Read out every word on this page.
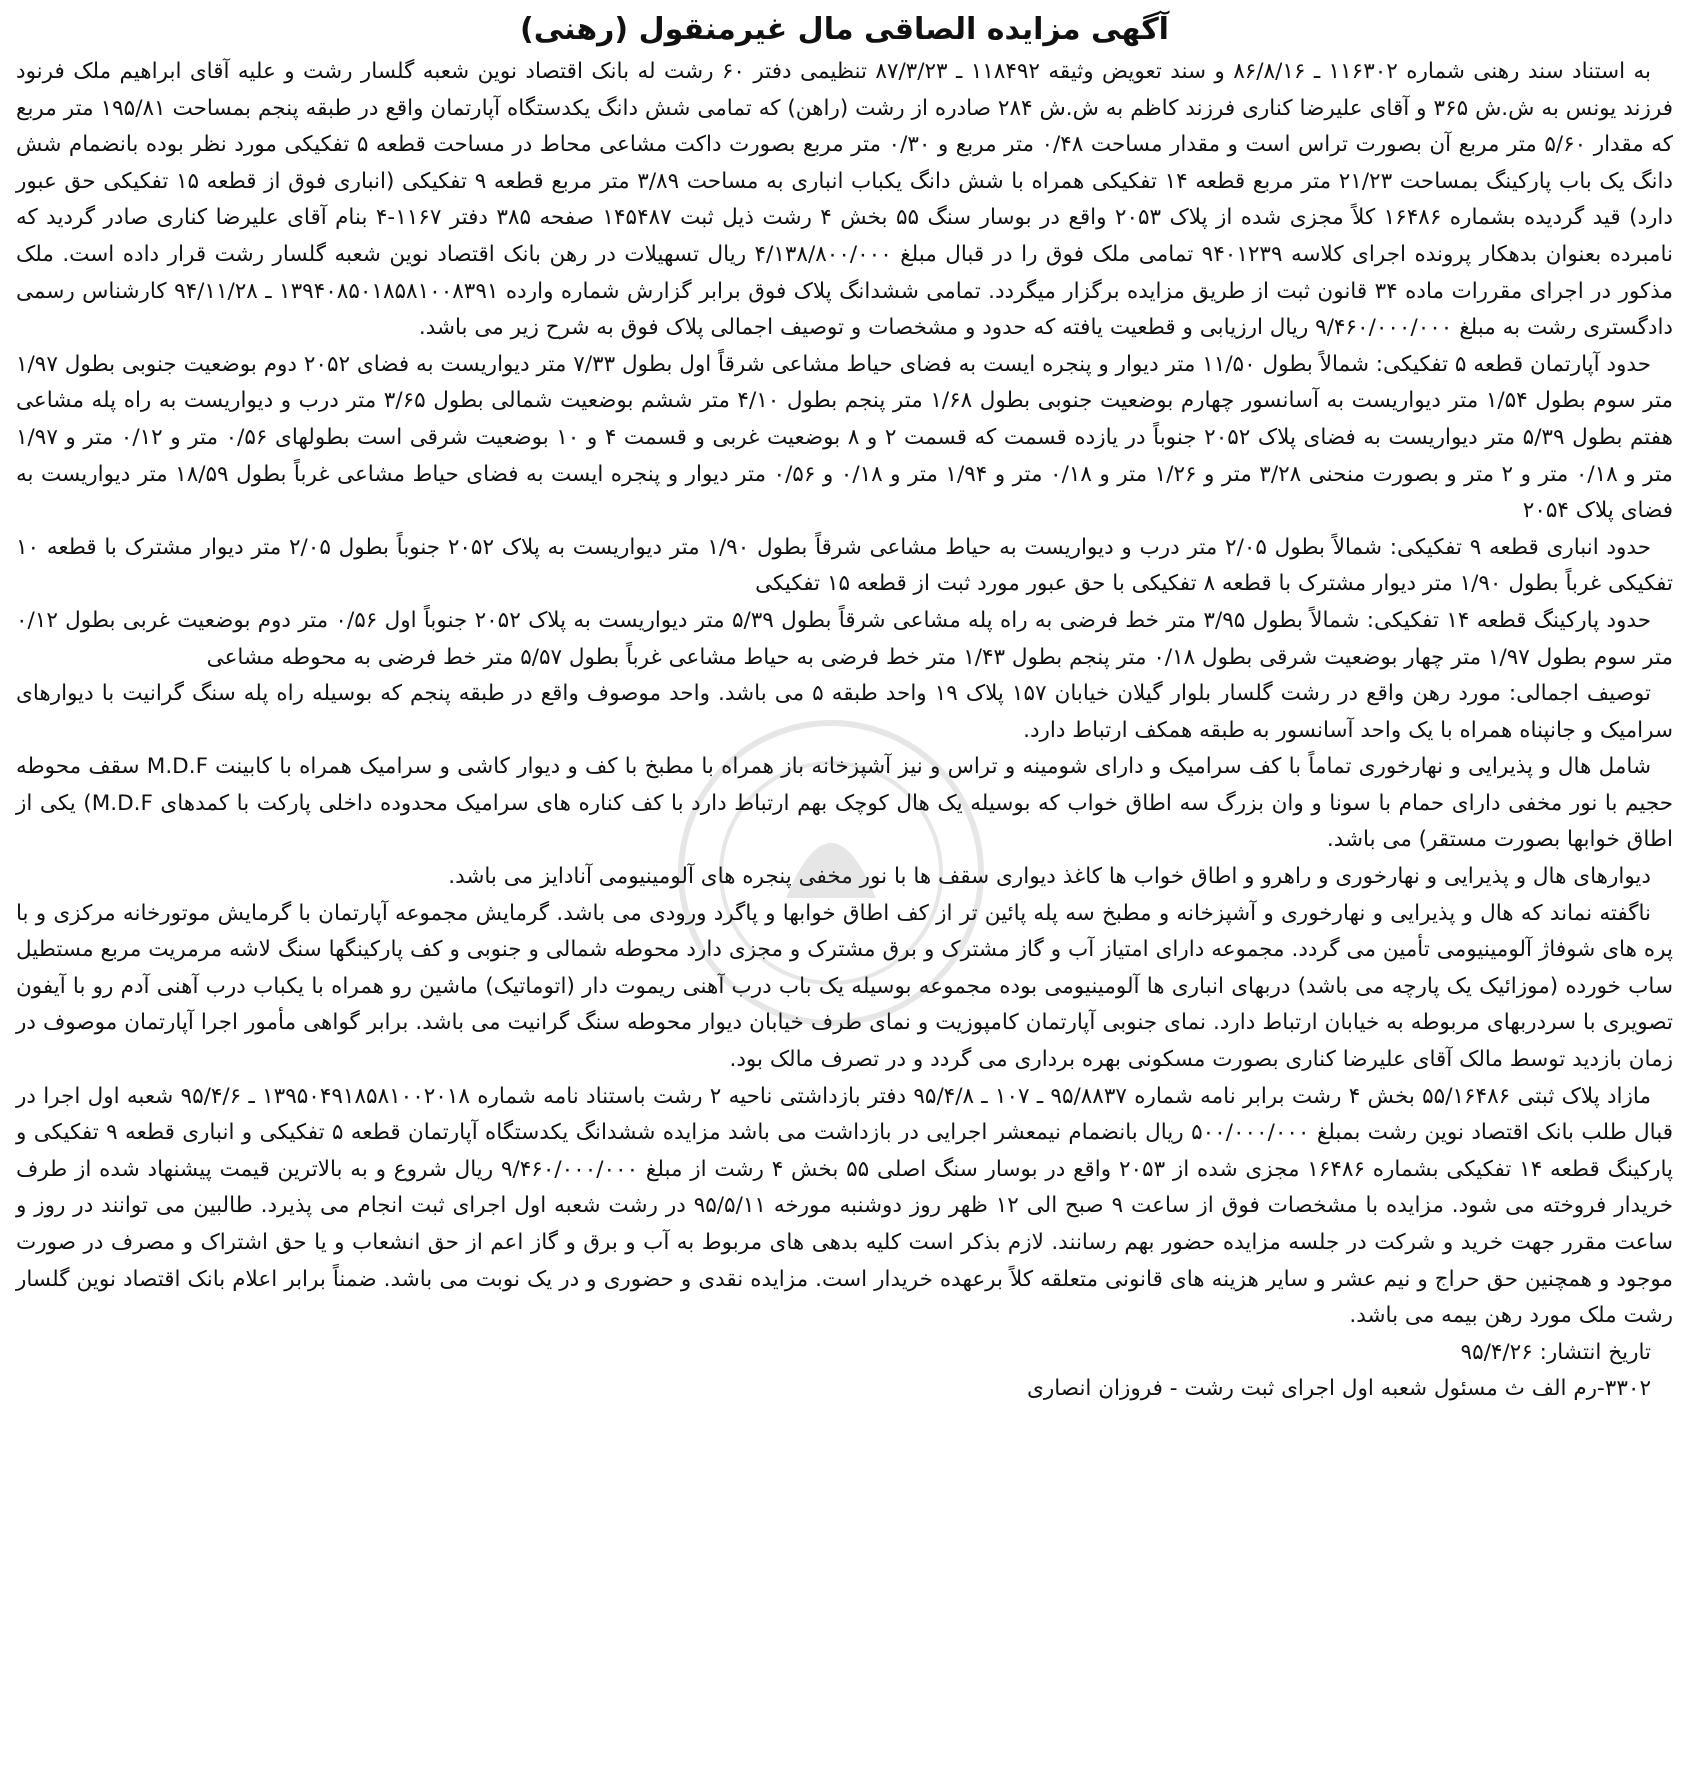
آگهی مزایده الصاقی مال غیرمنقول (رهنی)

به استناد سند رهنی شماره ۱۱۶۳۰۲ ـ ۸۶/۸/۱۶ و سند تعویض وثیقه ۱۱۸۴۹۲ ـ ۸۷/۳/۲۳ تنظیمی دفتر ۶۰ رشت له بانک اقتصاد نوین شعبه گلسار رشت و علیه آقای ابراهیم ملک فرنود فرزند یونس به ش.ش ۳۶۵ و آقای علیرضا کناری فرزند کاظم به ش.ش ۲۸۴ صادره از رشت (راهن) که تمامی شش دانگ یکدستگاه آپارتمان واقع در طبقه پنجم بمساحت ۱۹۵/۸۱ متر مربع که مقدار ۵/۶۰ متر مربع آن بصورت تراس است و مقدار مساحت ۰/۴۸ متر مربع و ۰/۳۰ متر مربع بصورت داکت مشاعی محاط در مساحت قطعه ۵ تفکیکی مورد نظر بوده بانضمام شش دانگ یک باب پارکینگ بمساحت ۲۱/۲۳ متر مربع قطعه ۱۴ تفکیکی همراه با شش دانگ یکباب انباری به مساحت ۳/۸۹ متر مربع قطعه ۹ تفکیکی (انباری فوق از قطعه ۱۵ تفکیکی حق عبور دارد) قید گردیده بشماره ۱۶۴۸۶ کلاً مجزی شده از پلاک ۲۰۵۳ واقع در بوسار سنگ ۵۵ بخش ۴ رشت ذیل ثبت ۱۴۵۴۸۷ صفحه ۳۸۵ دفتر ۱۱۶۷-۴ بنام آقای علیرضا کناری صادر گردید که نامبرده بعنوان بدهکار پرونده اجرای کلاسه ۹۴۰۱۲۳۹ تمامی ملک فوق را در قبال مبلغ ۴/۱۳۸/۸۰۰/۰۰۰ ریال تسهیلات در رهن بانک اقتصاد نوین شعبه گلسار رشت قرار داده است. ملک مذکور در اجرای مقررات ماده ۳۴ قانون ثبت از طریق مزایده برگزار میگردد. تمامی ششدانگ پلاک فوق برابر گزارش شماره وارده ۱۳۹۴۰۸۵۰۱۸۵۸۱۰۰۸۳۹۱ ـ ۹۴/۱۱/۲۸ کارشناس رسمی دادگستری رشت به مبلغ ۹/۴۶۰/۰۰۰/۰۰۰ ریال ارزیابی و قطعیت یافته که حدود و مشخصات و توصیف اجمالی پلاک فوق به شرح زیر می باشد.

حدود آپارتمان قطعه ۵ تفکیکی: شمالاً بطول ۱۱/۵۰ متر دیوار و پنجره ایست به فضای حیاط مشاعی شرقاً اول بطول ۷/۳۳ متر دیواریست به فضای ۲۰۵۲ دوم بوضعیت جنوبی بطول ۱/۹۷ متر سوم بطول ۱/۵۴ متر دیواریست به آسانسور چهارم بوضعیت جنوبی بطول ۱/۶۸ متر پنجم بطول ۴/۱۰ متر ششم بوضعیت شمالی بطول ۳/۶۵ متر درب و دیواریست به راه پله مشاعی هفتم بطول ۵/۳۹ متر دیواریست به فضای پلاک ۲۰۵۲ جنوباً در یازده قسمت که قسمت ۲ و ۸ بوضعیت غربی و قسمت ۴ و ۱۰ بوضعیت شرقی است بطولهای ۰/۵۶ متر و ۰/۱۲ متر و ۱/۹۷ متر و ۰/۱۸ متر و ۲ متر و بصورت منحنی ۳/۲۸ متر و ۱/۲۶ متر و ۰/۱۸ متر و ۱/۹۴ متر و ۰/۱۸ و ۰/۵۶ متر دیوار و پنجره ایست به فضای حیاط مشاعی غرباً بطول ۱۸/۵۹ متر دیواریست به فضای پلاک ۲۰۵۴

حدود انباری قطعه ۹ تفکیکی: شمالاً بطول ۲/۰۵ متر درب و دیواریست به حیاط مشاعی شرقاً بطول ۱/۹۰ متر دیواریست به پلاک ۲۰۵۲ جنوباً بطول ۲/۰۵ متر دیوار مشترک با قطعه ۱۰ تفکیکی غرباً بطول ۱/۹۰ متر دیوار مشترک با قطعه ۸ تفکیکی با حق عبور مورد ثبت از قطعه ۱۵ تفکیکی

حدود پارکینگ قطعه ۱۴ تفکیکی: شمالاً بطول ۳/۹۵ متر خط فرضی به راه پله مشاعی شرقاً بطول ۵/۳۹ متر دیواریست به پلاک ۲۰۵۲ جنوباً اول ۰/۵۶ متر دوم بوضعیت غربی بطول ۰/۱۲ متر سوم بطول ۱/۹۷ متر چهار بوضعیت شرقی بطول ۰/۱۸ متر پنجم بطول ۱/۴۳ متر خط فرضی به حیاط مشاعی غرباً بطول ۵/۵۷ متر خط فرضی به محوطه مشاعی

توصیف اجمالی: مورد رهن واقع در رشت گلسار بلوار گیلان خیابان ۱۵۷ پلاک ۱۹ واحد طبقه ۵ می باشد. واحد موصوف واقع در طبقه پنجم که بوسیله راه پله سنگ گرانیت با دیوارهای سرامیک و جانپناه همراه با یک واحد آسانسور به طبقه همکف ارتباط دارد.

شامل هال و پذیرایی و نهارخوری تماماً با کف سرامیک و دارای شومینه و تراس و نیز آشپزخانه باز همراه با مطبخ با کف و دیوار کاشی و سرامیک همراه با کابینت M.D.F سقف محوطه حجیم با نور مخفی دارای حمام با سونا و وان بزرگ سه اطاق خواب که بوسیله یک هال کوچک بهم ارتباط دارد با کف کناره های سرامیک محدوده داخلی پارکت با کمدهای M.D.F) یکی از اطاق خوابها بصورت مستقر) می باشد.

دیوارهای هال و پذیرایی و نهارخوری و راهرو و اطاق خواب ها کاغذ دیواری سقف ها با نور مخفی پنجره های آلومینیومی آنادایز می باشد.

ناگفته نماند که هال و پذیرایی و نهارخوری و آشپزخانه و مطبخ سه پله پائین تر از کف اطاق خوابها و پاگرد ورودی می باشد. گرمایش مجموعه آپارتمان با گرمایش موتورخانه مرکزی و با پره های شوفاژ آلومینیومی تأمین می گردد. مجموعه دارای امتیاز آب و گاز مشترک و برق مشترک و مجزی دارد محوطه شمالی و جنوبی و کف پارکینگها سنگ لاشه مرمریت مربع مستطیل ساب خورده (موزائیک یک پارچه می باشد) دربهای انباری ها آلومینیومی بوده مجموعه بوسیله یک باب درب آهنی ریموت دار (اتوماتیک) ماشین رو همراه با یکباب درب آهنی آدم رو با آیفون تصویری با سردربهای مربوطه به خیابان ارتباط دارد. نمای جنوبی آپارتمان کامپوزیت و نمای طرف خیابان دیوار محوطه سنگ گرانیت می باشد. برابر گواهی مأمور اجرا آپارتمان موصوف در زمان بازدید توسط مالک آقای علیرضا کناری بصورت مسکونی بهره برداری می گردد و در تصرف مالک بود.

مازاد پلاک ثبتی ۵۵/۱۶۴۸۶ بخش ۴ رشت برابر نامه شماره ۹۵/۸۸۳۷ ـ ۱۰۷ ـ ۹۵/۴/۸ دفتر بازداشتی ناحیه ۲ رشت باستناد نامه شماره ۱۳۹۵۰۴۹۱۸۵۸۱۰۰۲۰۱۸ ـ ۹۵/۴/۶ شعبه اول اجرا در قبال طلب بانک اقتصاد نوین رشت بمبلغ ۵۰۰/۰۰۰/۰۰۰ ریال بانضمام نیمعشر اجرایی در بازداشت می باشد مزایده ششدانگ یکدستگاه آپارتمان قطعه ۵ تفکیکی و انباری قطعه ۹ تفکیکی و پارکینگ قطعه ۱۴ تفکیکی بشماره ۱۶۴۸۶ مجزی شده از ۲۰۵۳ واقع در بوسار سنگ اصلی ۵۵ بخش ۴ رشت از مبلغ ۹/۴۶۰/۰۰۰/۰۰۰ ریال شروع و به بالاترین قیمت پیشنهاد شده از طرف خریدار فروخته می شود. مزایده با مشخصات فوق از ساعت ۹ صبح الی ۱۲ ظهر روز دوشنبه مورخه ۹۵/۵/۱۱ در رشت شعبه اول اجرای ثبت انجام می پذیرد. طالبین می توانند در روز و ساعت مقرر جهت خرید و شرکت در جلسه مزایده حضور بهم رسانند. لازم بذکر است کلیه بدهی های مربوط به آب و برق و گاز اعم از حق انشعاب و یا حق اشتراک و مصرف در صورت موجود و همچنین حق حراج و نیم عشر و سایر هزینه های قانونی متعلقه کلاً برعهده خریدار است. مزایده نقدی و حضوری و در یک نوبت می باشد. ضمناً برابر اعلام بانک اقتصاد نوین گلسار رشت ملک مورد رهن بیمه می باشد.

تاریخ انتشار: ۹۵/۴/۲۶
۳۳۰۲-رم الف ث مسئول شعبه اول اجرای ثبت رشت - فروزان انصاری
